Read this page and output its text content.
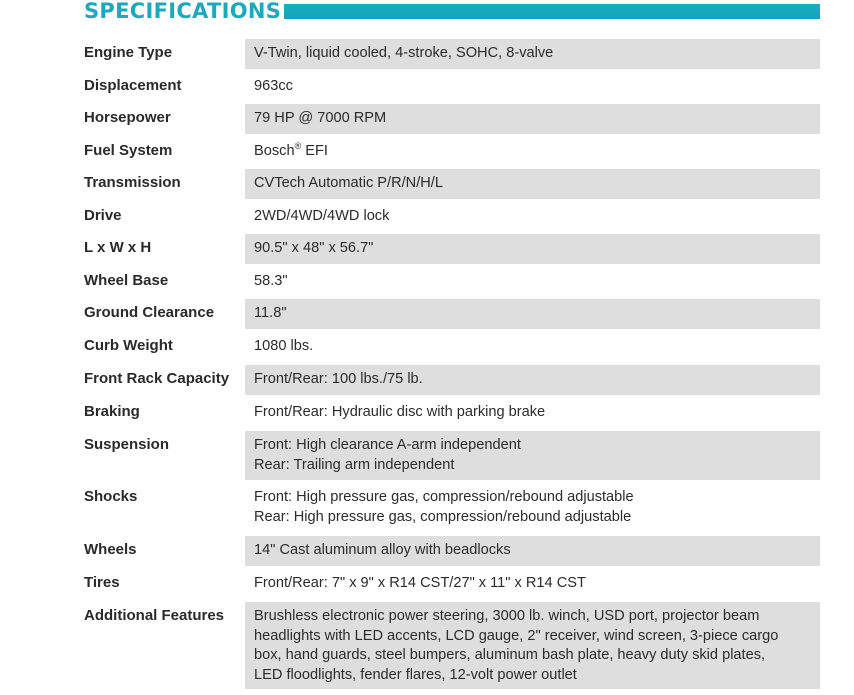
SPECIFICATIONS
Engine Type	V-Twin, liquid cooled, 4-stroke, SOHC, 8-valve
Displacement	963cc
Horsepower	79 HP @ 7000 RPM
Fuel System	Bosch® EFI
Transmission	CVTech Automatic P/R/N/H/L
Drive	2WD/4WD/4WD lock
L x W x H	90.5" x 48" x 56.7"
Wheel Base	58.3"
Ground Clearance	11.8"
Curb Weight	1080 lbs.
Front Rack Capacity	Front/Rear: 100 lbs./75 lb.
Braking	Front/Rear: Hydraulic disc with parking brake
Suspension	Front: High clearance A-arm independent
Rear: Trailing arm independent
Shocks	Front: High pressure gas, compression/rebound adjustable
Rear: High pressure gas, compression/rebound adjustable
Wheels	14" Cast aluminum alloy with beadlocks
Tires	Front/Rear: 7" x 9" x R14 CST/27" x 11" x R14 CST
Additional Features	Brushless electronic power steering, 3000 lb. winch, USD port, projector beam
headlights with LED accents, LCD gauge, 2" receiver, wind screen, 3-piece cargo
box, hand guards, steel bumpers, aluminum bash plate, heavy duty skid plates,
LED floodlights, fender flares, 12-volt power outlet
